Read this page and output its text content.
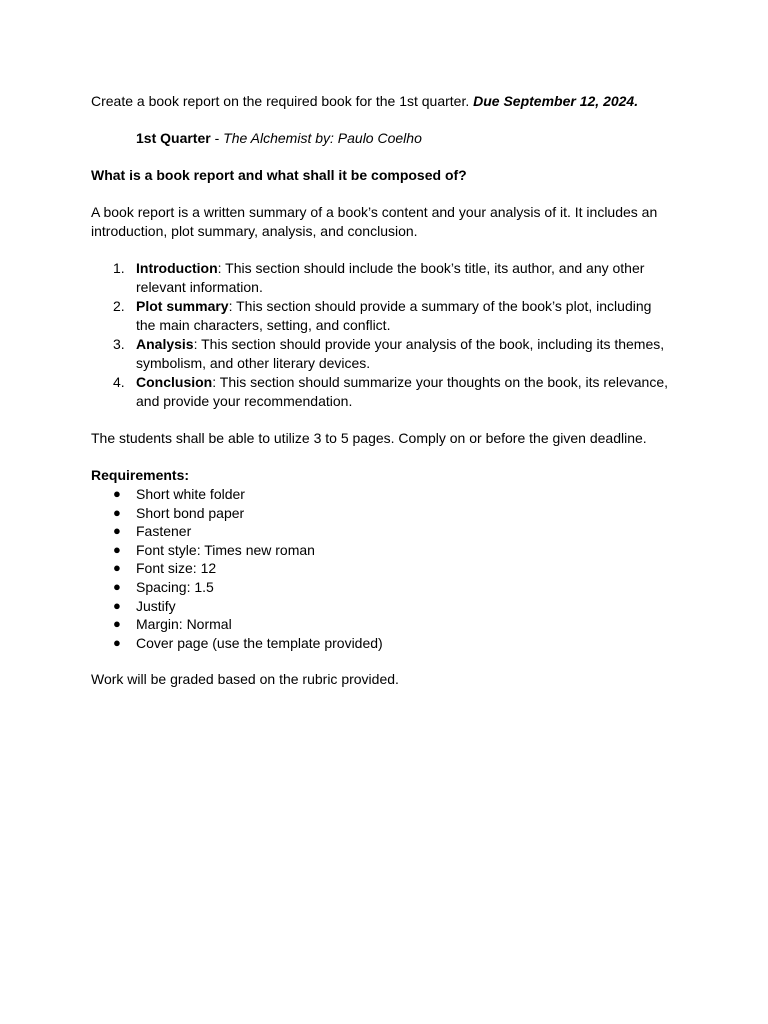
Create a book report on the required book for the 1st quarter. Due September 12, 2024.

1st Quarter - The Alchemist by: Paulo Coelho

What is a book report and what shall it be composed of?

A book report is a written summary of a book’s content and your analysis of it. It includes an introduction, plot summary, analysis, and conclusion.

1. Introduction: This section should include the book’s title, its author, and any other relevant information.
2. Plot summary: This section should provide a summary of the book’s plot, including the main characters, setting, and conflict.
3. Analysis: This section should provide your analysis of the book, including its themes, symbolism, and other literary devices.
4. Conclusion: This section should summarize your thoughts on the book, its relevance, and provide your recommendation.

The students shall be able to utilize 3 to 5 pages. Comply on or before the given deadline.

Requirements:

● Short white folder
● Short bond paper
● Fastener
● Font style: Times new roman
● Font size: 12
● Spacing: 1.5
● Justify
● Margin: Normal
● Cover page (use the template provided)

Work will be graded based on the rubric provided.
